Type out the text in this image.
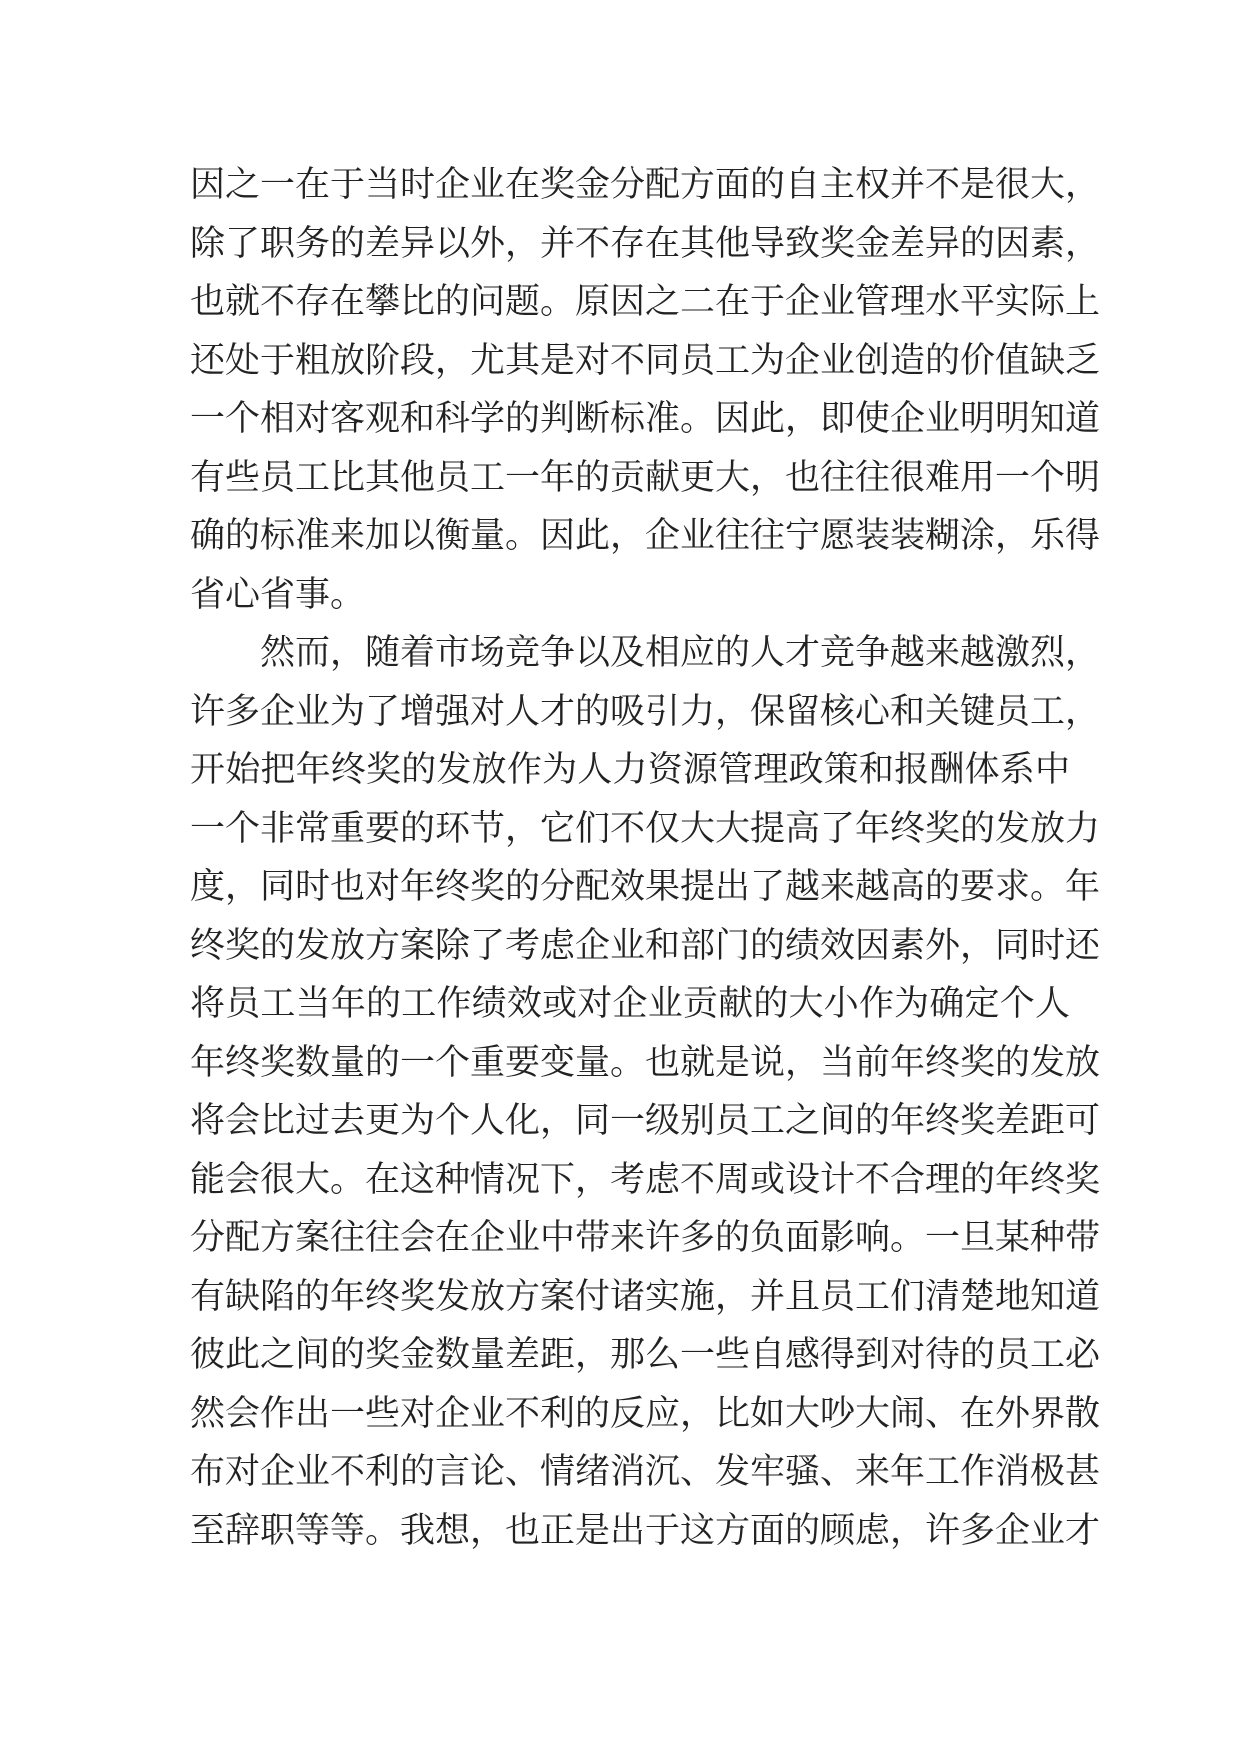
因之一在于当时企业在奖金分配方面的自主权并不是很大，
除了职务的差异以外，并不存在其他导致奖金差异的因素，
也就不存在攀比的问题。原因之二在于企业管理水平实际上
还处于粗放阶段，尤其是对不同员工为企业创造的价值缺乏
一个相对客观和科学的判断标准。因此，即使企业明明知道
有些员工比其他员工一年的贡献更大，也往往很难用一个明
确的标准来加以衡量。因此，企业往往宁愿装装糊涂，乐得
省心省事。
然而，随着市场竞争以及相应的人才竞争越来越激烈，
许多企业为了增强对人才的吸引力，保留核心和关键员工，
开始把年终奖的发放作为人力资源管理政策和报酬体系中
一个非常重要的环节，它们不仅大大提高了年终奖的发放力
度，同时也对年终奖的分配效果提出了越来越高的要求。年
终奖的发放方案除了考虑企业和部门的绩效因素外，同时还
将员工当年的工作绩效或对企业贡献的大小作为确定个人
年终奖数量的一个重要变量。也就是说，当前年终奖的发放
将会比过去更为个人化，同一级别员工之间的年终奖差距可
能会很大。在这种情况下，考虑不周或设计不合理的年终奖
分配方案往往会在企业中带来许多的负面影响。一旦某种带
有缺陷的年终奖发放方案付诸实施，并且员工们清楚地知道
彼此之间的奖金数量差距，那么一些自感得到对待的员工必
然会作出一些对企业不利的反应，比如大吵大闹、在外界散
布对企业不利的言论、情绪消沉、发牢骚、来年工作消极甚
至辞职等等。我想，也正是出于这方面的顾虑，许多企业才
